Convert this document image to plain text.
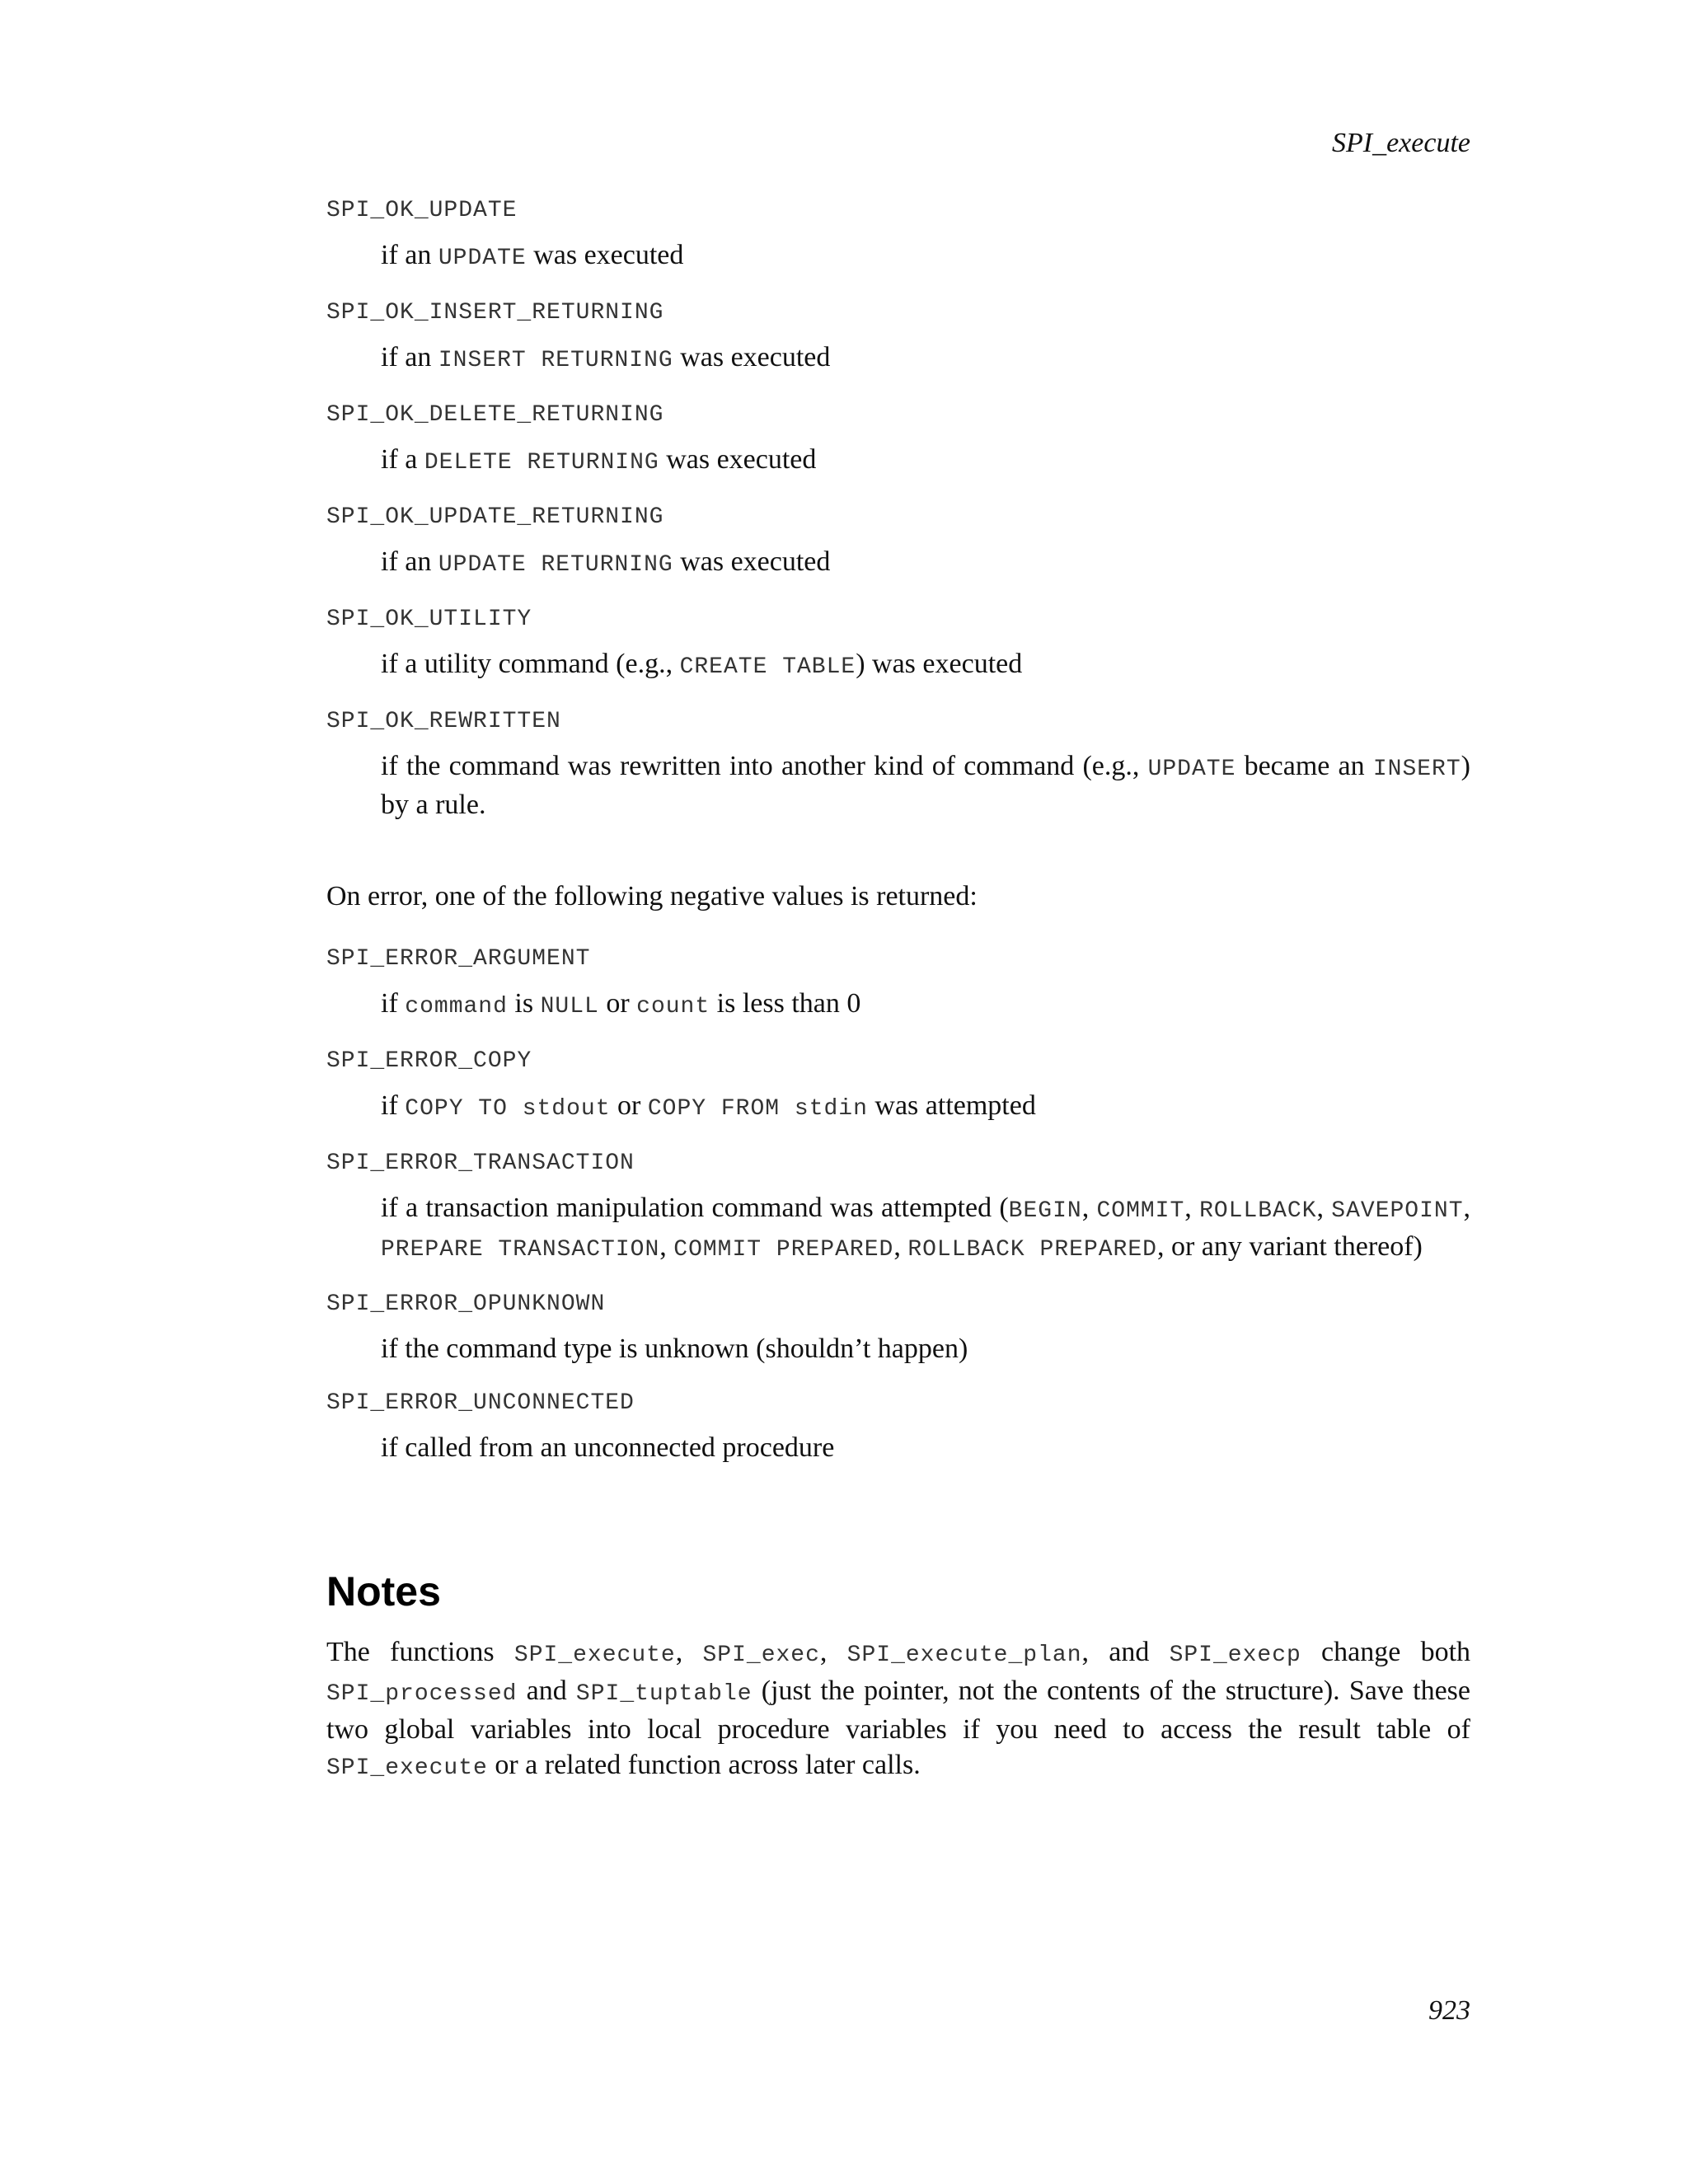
SPI_execute
SPI_OK_UPDATE
if an UPDATE was executed
SPI_OK_INSERT_RETURNING
if an INSERT RETURNING was executed
SPI_OK_DELETE_RETURNING
if a DELETE RETURNING was executed
SPI_OK_UPDATE_RETURNING
if an UPDATE RETURNING was executed
SPI_OK_UTILITY
if a utility command (e.g., CREATE TABLE) was executed
SPI_OK_REWRITTEN
if the command was rewritten into another kind of command (e.g., UPDATE became an INSERT) by a rule.

On error, one of the following negative values is returned:

SPI_ERROR_ARGUMENT
if command is NULL or count is less than 0
SPI_ERROR_COPY
if COPY TO stdout or COPY FROM stdin was attempted
SPI_ERROR_TRANSACTION
if a transaction manipulation command was attempted (BEGIN, COMMIT, ROLLBACK, SAVEPOINT, PREPARE TRANSACTION, COMMIT PREPARED, ROLLBACK PREPARED, or any variant thereof)
SPI_ERROR_OPUNKNOWN
if the command type is unknown (shouldn’t happen)
SPI_ERROR_UNCONNECTED
if called from an unconnected procedure
Notes

The functions SPI_execute, SPI_exec, SPI_execute_plan, and SPI_execp change both SPI_processed and SPI_tuptable (just the pointer, not the contents of the structure). Save these two global variables into local procedure variables if you need to access the result table of SPI_execute or a related function across later calls.

923
